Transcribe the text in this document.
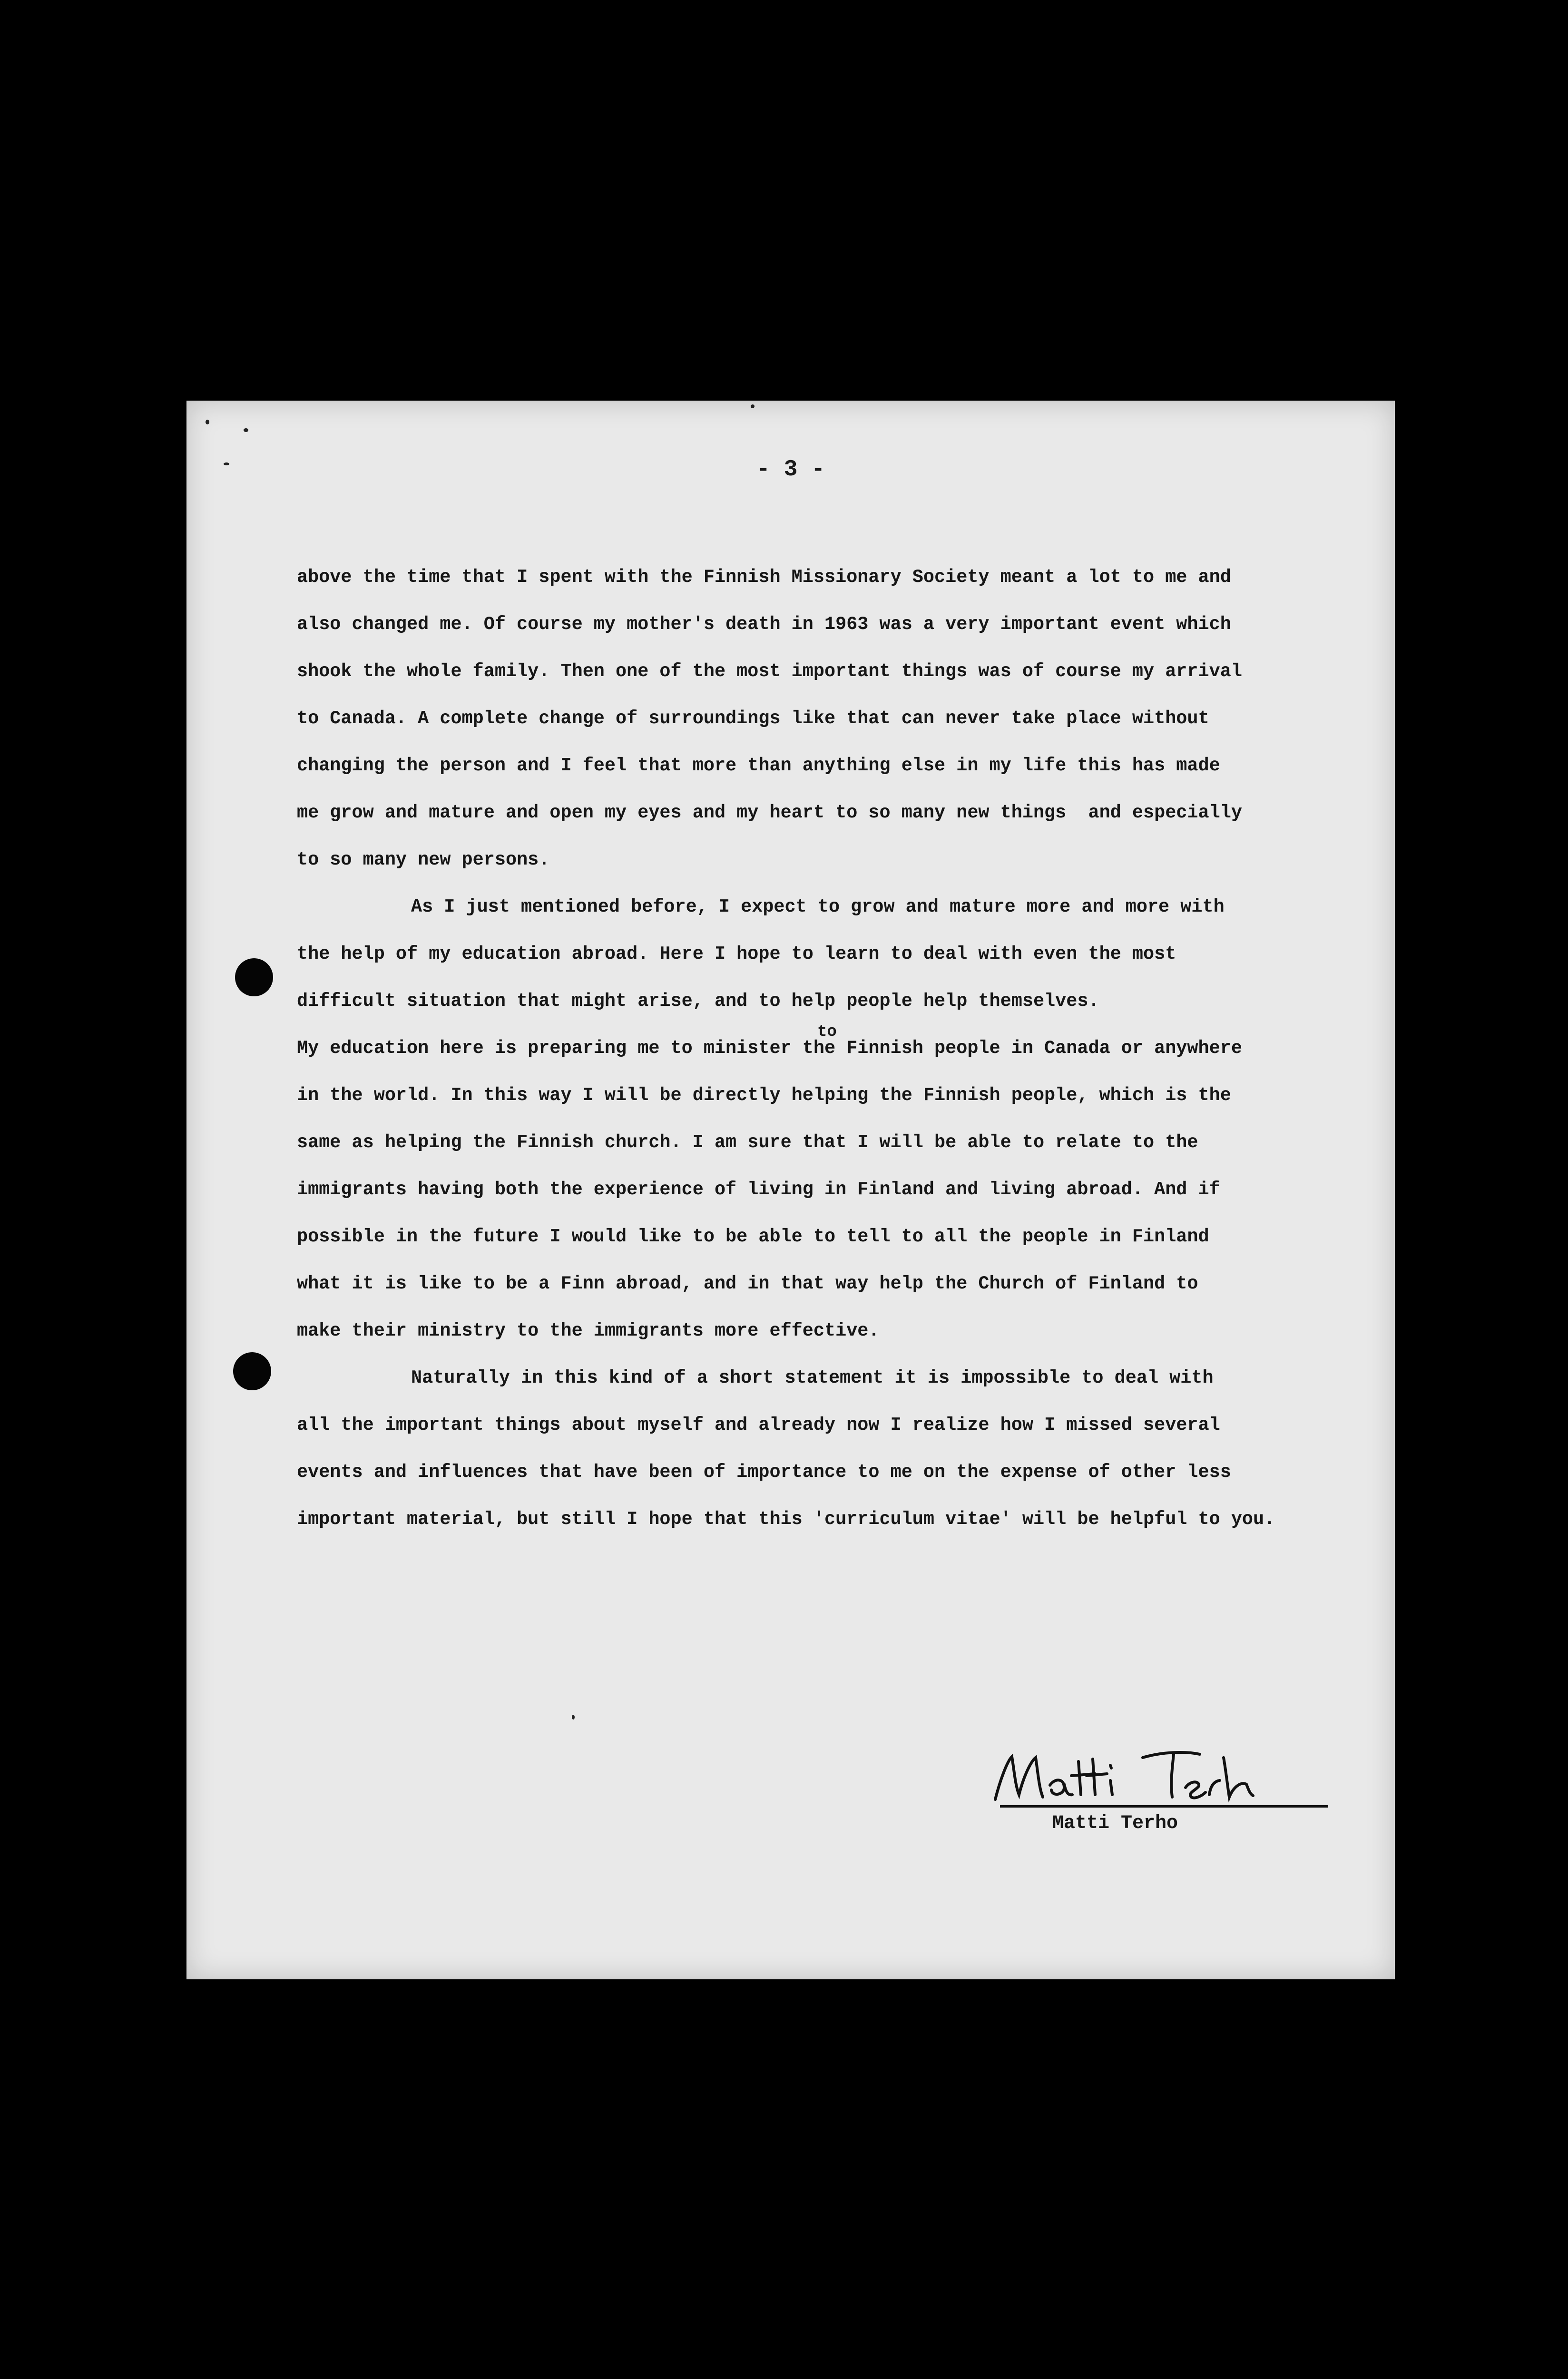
- 3 -
above the time that I spent with the Finnish Missionary Society meant a lot to me and
also changed me. Of course my mother's death in 1963 was a very important event which
shook the whole family. Then one of the most important things was of course my arrival
to Canada. A complete change of surroundings like that can never take place without
changing the person and I feel that more than anything else in my life this has made
me grow and mature and open my eyes and my heart to so many new things  and especially
to so many new persons.
As I just mentioned before, I expect to grow and mature more and more with
the help of my education abroad. Here I hope to learn to deal with even the most
difficult situation that might arise, and to help people help themselves.
My education here is preparing me to minister the Finnish people in Canada or anywhere
in the world. In this way I will be directly helping the Finnish people, which is the
same as helping the Finnish church. I am sure that I will be able to relate to the
immigrants having both the experience of living in Finland and living abroad. And if
possible in the future I would like to be able to tell to all the people in Finland
what it is like to be a Finn abroad, and in that way help the Church of Finland to
make their ministry to the immigrants more effective.
Naturally in this kind of a short statement it is impossible to deal with
all the important things about myself and already now I realize how I missed several
events and influences that have been of importance to me on the expense of other less
important material, but still I hope that this 'curriculum vitae' will be helpful to you.
to
Matti Terho
